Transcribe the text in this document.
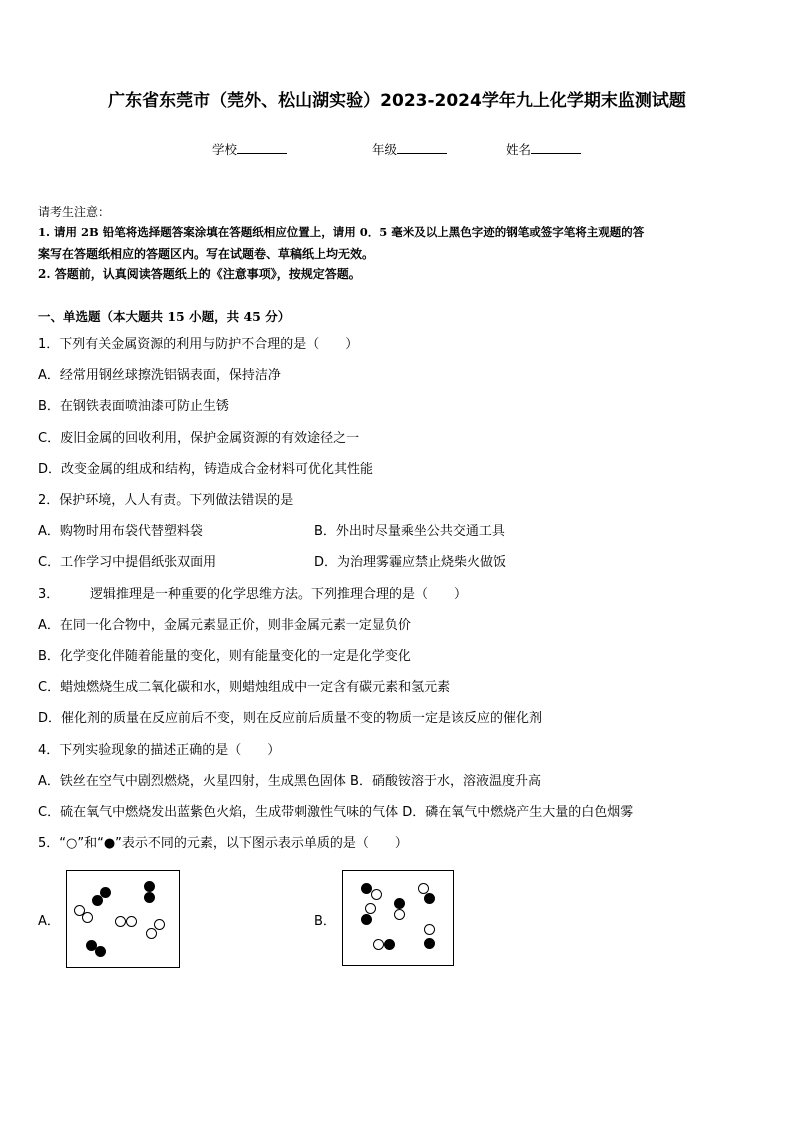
广东省东莞市（莞外、松山湖实验）2023-2024学年九上化学期末监测试题
学校	年级	姓名
请考生注意：
1. 请用 2B 铅笔将选择题答案涂填在答题纸相应位置上，请用 0．5 毫米及以上黑色字迹的钢笔或签字笔将主观题的答
案写在答题纸相应的答题区内。写在试题卷、草稿纸上均无效。
2. 答题前，认真阅读答题纸上的《注意事项》，按规定答题。
一、单选题（本大题共 15 小题，共 45 分）
1．下列有关金属资源的利用与防护不合理的是（　　）
A．经常用钢丝球擦洗铝锅表面，保持洁净
B．在钢铁表面喷油漆可防止生锈
C．废旧金属的回收利用，保护金属资源的有效途径之一
D．改变金属的组成和结构，铸造成合金材料可优化其性能
2．保护环境，人人有责。下列做法错误的是
A．购物时用布袋代替塑料袋	B．外出时尽量乘坐公共交通工具
C．工作学习中提倡纸张双面用	D．为治理雾霾应禁止烧柴火做饭
3． 逻辑推理是一种重要的化学思维方法。下列推理合理的是（　　）
A．在同一化合物中，金属元素显正价，则非金属元素一定显负价
B．化学变化伴随着能量的变化，则有能量变化的一定是化学变化
C．蜡烛燃烧生成二氧化碳和水，则蜡烛组成中一定含有碳元素和氢元素
D．催化剂的质量在反应前后不变，则在反应前后质量不变的物质一定是该反应的催化剂
4．下列实验现象的描述正确的是（　　）
A．铁丝在空气中剧烈燃烧，火星四射，生成黑色固体 B．硝酸铵溶于水，溶液温度升高
C．硫在氧气中燃烧发出蓝紫色火焰，生成带刺激性气味的气体 D．磷在氧气中燃烧产生大量的白色烟雾
5．“○”和“●”表示不同的元素，以下图示表示单质的是（　　）
A．	B．
